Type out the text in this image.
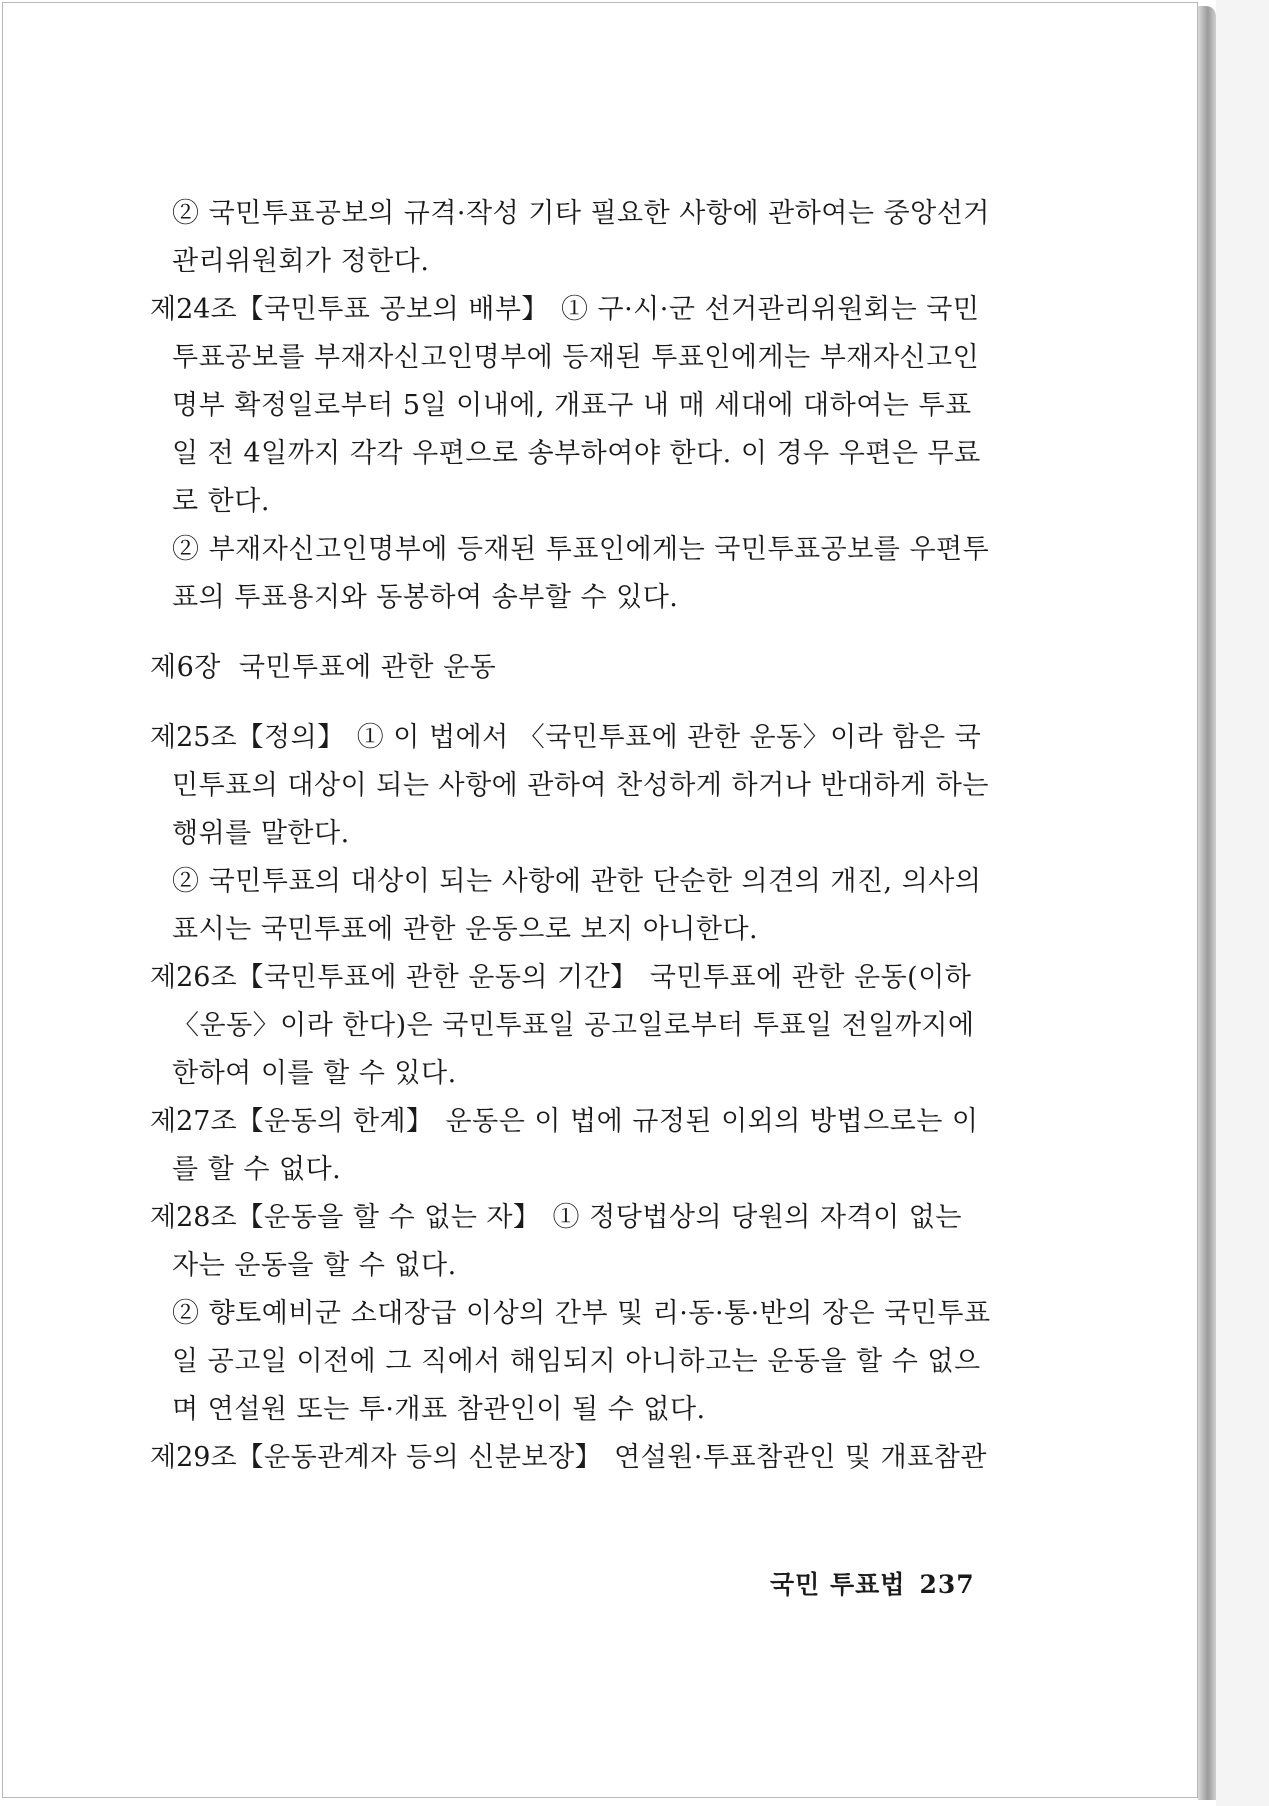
② 국민투표공보의 규격·작성 기타 필요한 사항에 관하여는 중앙선거관리위원회가 정한다.

제24조【국민투표 공보의 배부】 ① 구·시·군 선거관리위원회는 국민투표공보를 부재자신고인명부에 등재된 투표인에게는 부재자신고인명부 확정일로부터 5일 이내에, 개표구 내 매 세대에 대하여는 투표일 전 4일까지 각각 우편으로 송부하여야 한다. 이 경우 우편은 무료로 한다.

② 부재자신고인명부에 등재된 투표인에게는 국민투표공보를 우편투표의 투표용지와 동봉하여 송부할 수 있다.

제6장 국민투표에 관한 운동

제25조【정의】 ① 이 법에서 〈국민투표에 관한 운동〉이라 함은 국민투표의 대상이 되는 사항에 관하여 찬성하게 하거나 반대하게 하는 행위를 말한다.

② 국민투표의 대상이 되는 사항에 관한 단순한 의견의 개진, 의사의 표시는 국민투표에 관한 운동으로 보지 아니한다.

제26조【국민투표에 관한 운동의 기간】 국민투표에 관한 운동(이하 〈운동〉이라 한다)은 국민투표일 공고일로부터 투표일 전일까지에 한하여 이를 할 수 있다.

제27조【운동의 한계】 운동은 이 법에 규정된 이외의 방법으로는 이를 할 수 없다.

제28조【운동을 할 수 없는 자】 ① 정당법상의 당원의 자격이 없는 자는 운동을 할 수 없다.

② 향토예비군 소대장급 이상의 간부 및 리·동·통·반의 장은 국민투표일 공고일 이전에 그 직에서 해임되지 아니하고는 운동을 할 수 없으며 연설원 또는 투·개표 참관인이 될 수 없다.

제29조【운동관계자 등의 신분보장】 연설원·투표참관인 및 개표참관

국민 투표법 237
